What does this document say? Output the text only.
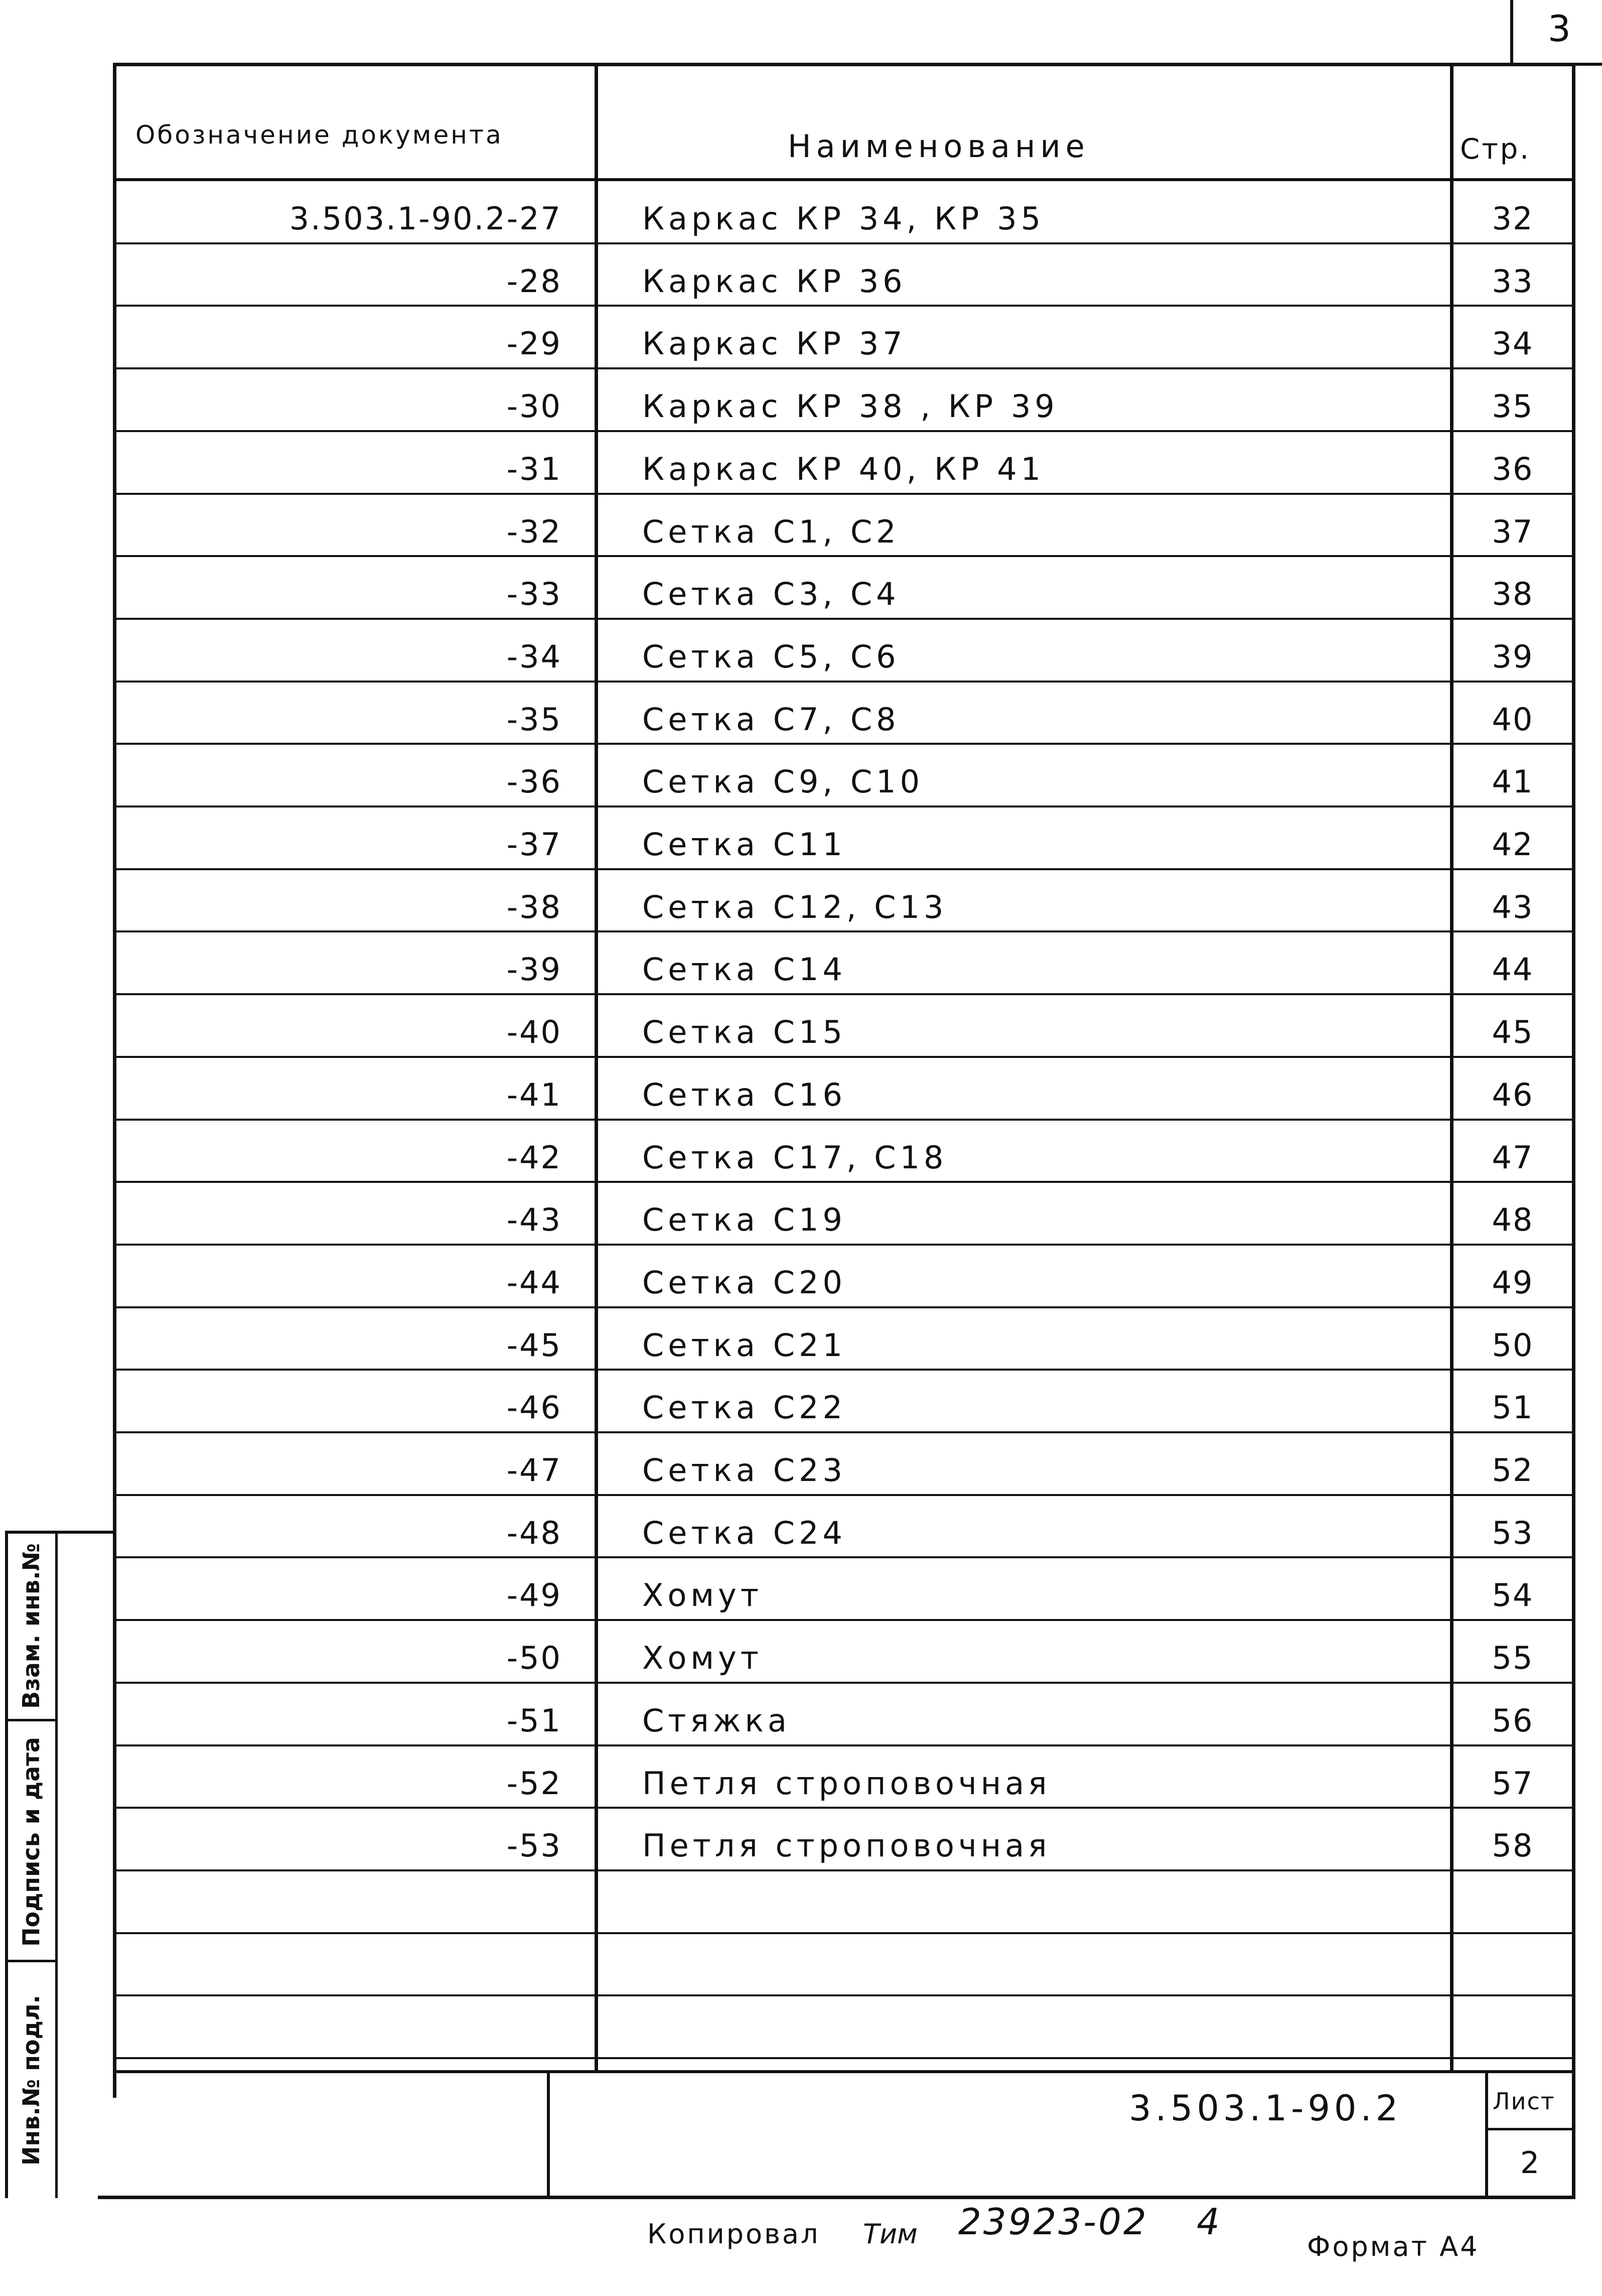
3
Обозначение документа	Наименование	Стр.
3.503.1-90.2-27	Каркас КР 34, КР 35	32
-28	Каркас КР 36	33
-29	Каркас КР 37	34
-30	Каркас КР 38 , КР 39	35
-31	Каркас КР 40, КР 41	36
-32	Сетка С1, С2	37
-33	Сетка С3, С4	38
-34	Сетка С5, С6	39
-35	Сетка С7, С8	40
-36	Сетка С9, С10	41
-37	Сетка С11	42
-38	Сетка С12, С13	43
-39	Сетка С14	44
-40	Сетка С15	45
-41	Сетка С16	46
-42	Сетка С17, С18	47
-43	Сетка С19	48
-44	Сетка С20	49
-45	Сетка С21	50
-46	Сетка С22	51
-47	Сетка С23	52
-48	Сетка С24	53
-49	Хомут	54
-50	Хомут	55
-51	Стяжка	56
-52	Петля строповочная	57
-53	Петля строповочная	58
3.503.1-90.2	Лист
2
Взам. инв.№
Подпись и дата
Инв.№ подл.
Копировал Тим 23923-02 4
Формат А4
